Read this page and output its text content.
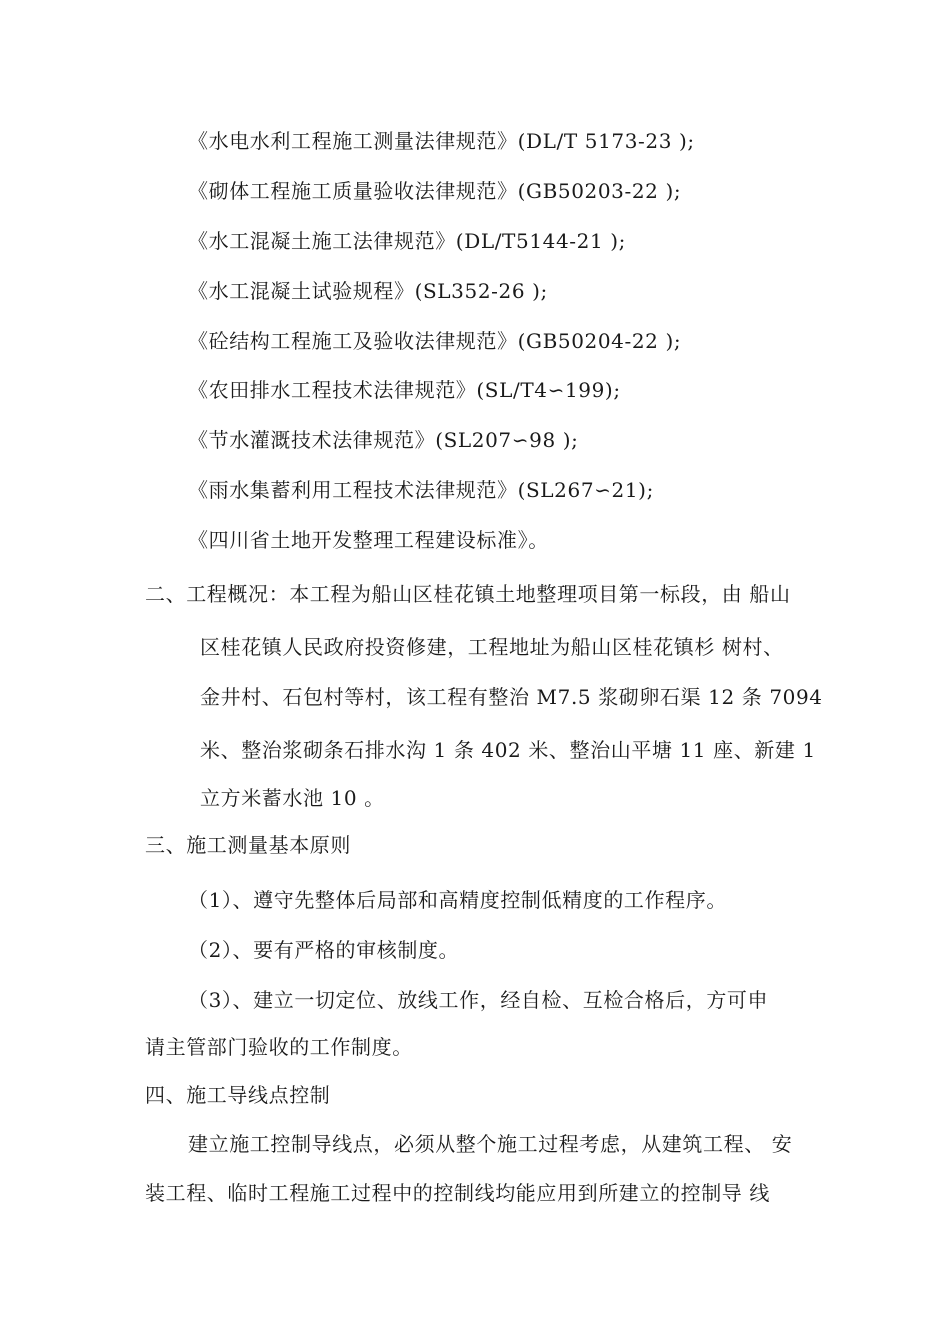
《水电水利工程施工测量法律规范》(DL/T 5173-23 );
《砌体工程施工质量验收法律规范》(GB50203-22 );
《水工混凝土施工法律规范》(DL/T5144-21 );
《水工混凝土试验规程》(SL352-26 );
《砼结构工程施工及验收法律规范》(GB50204-22 );
《农田排水工程技术法律规范》(SL/T4∽199);
《节水灌溉技术法律规范》(SL207∽98 );
《雨水集蓄利用工程技术法律规范》(SL267∽21);
《四川省土地开发整理工程建设标准》。
二、工程概况：本工程为船山区桂花镇土地整理项目第一标段，由 船山
区桂花镇人民政府投资修建，工程地址为船山区桂花镇杉 树村、
金井村、石包村等村，该工程有整治 M7.5 浆砌卵石渠 12 条 7094
米、整治浆砌条石排水沟 1 条 402 米、整治山平塘 11 座、新建 1
立方米蓄水池 10 。
三、施工测量基本原则
（1）、遵守先整体后局部和高精度控制低精度的工作程序。
（2）、要有严格的审核制度。
（3）、建立一切定位、放线工作，经自检、互检合格后，方可申
请主管部门验收的工作制度。
四、施工导线点控制
建立施工控制导线点，必须从整个施工过程考虑，从建筑工程、 安
装工程、临时工程施工过程中的控制线均能应用到所建立的控制导 线
